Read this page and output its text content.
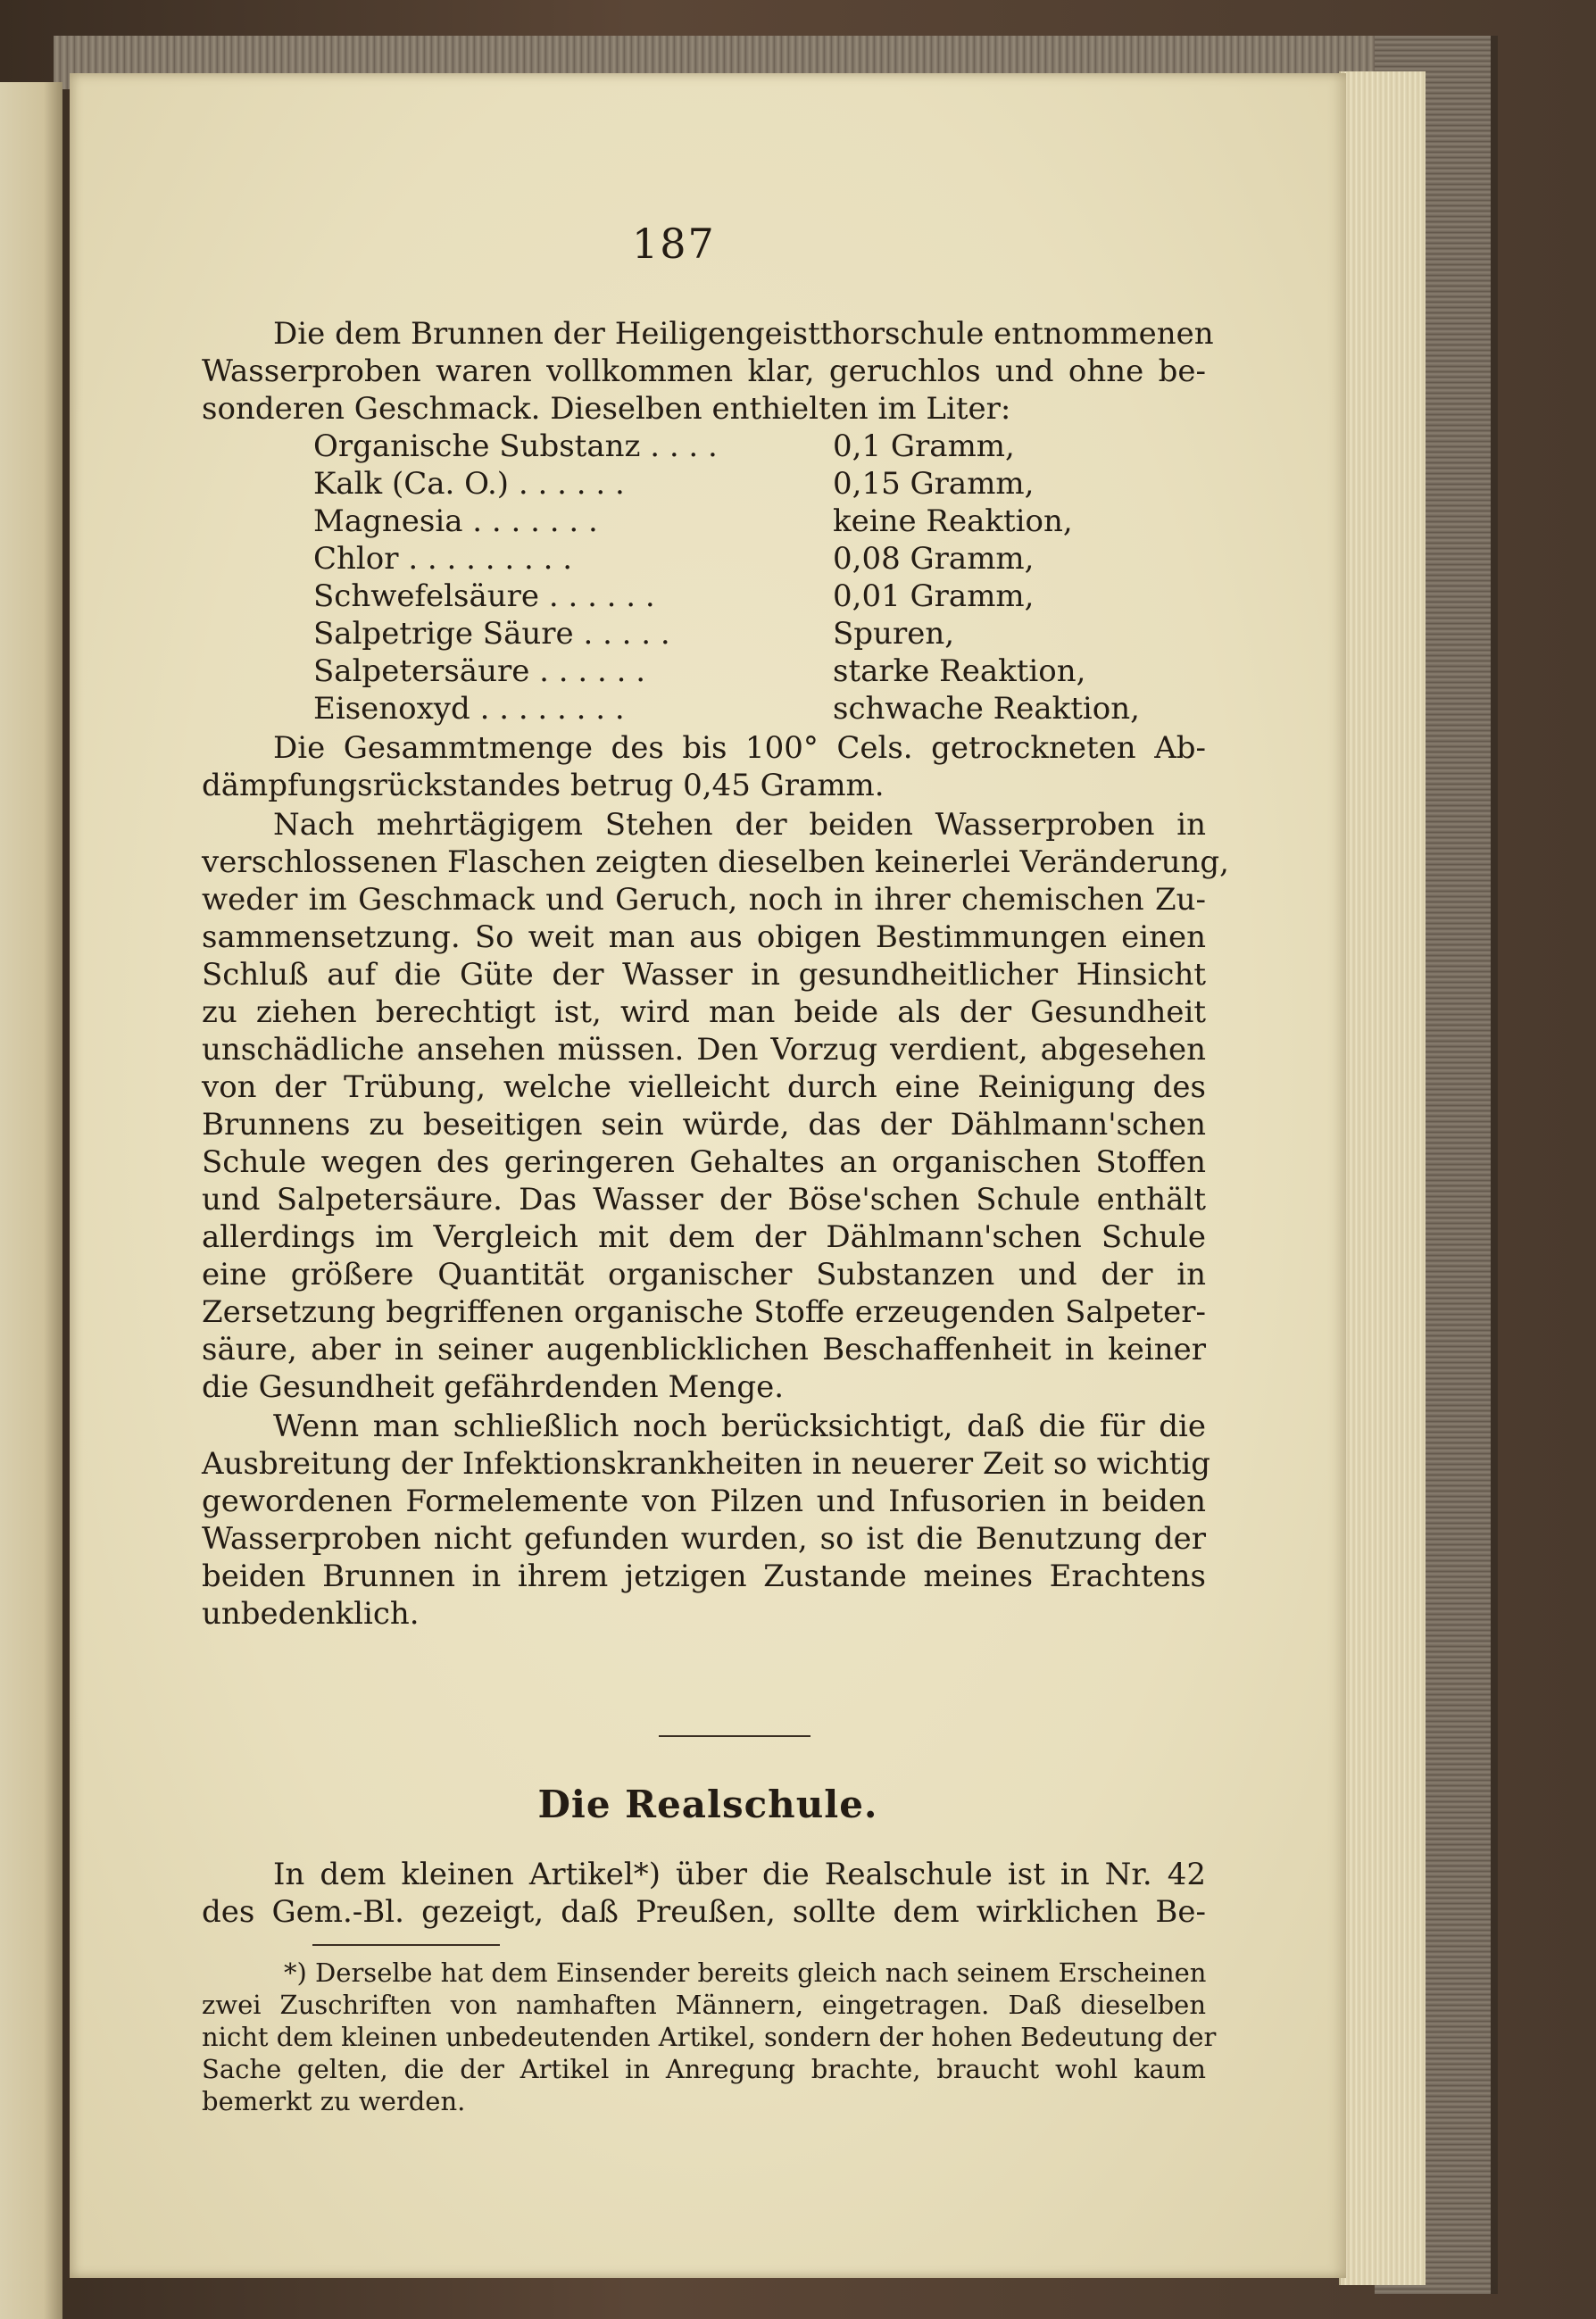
187
Die dem Brunnen der Heiligengeistthorschule entnommenen
Wasserproben waren vollkommen klar, geruchlos und ohne be-
sonderen Geschmack. Dieselben enthielten im Liter:
Organische Substanz . . . .	0,1 Gramm,
Kalk (Ca. O.) . . . . . .	0,15 Gramm,
Magnesia . . . . . . .	keine Reaktion,
Chlor . . . . . . . . .	0,08 Gramm,
Schwefelsäure . . . . . .	0,01 Gramm,
Salpetrige Säure . . . . .	Spuren,
Salpetersäure . . . . . .	starke Reaktion,
Eisenoxyd . . . . . . . .	schwache Reaktion,
Die Gesammtmenge des bis 100° Cels. getrockneten Ab-
dämpfungsrückstandes betrug 0,45 Gramm.
Nach mehrtägigem Stehen der beiden Wasserproben in
verschlossenen Flaschen zeigten dieselben keinerlei Veränderung,
weder im Geschmack und Geruch, noch in ihrer chemischen Zu-
sammensetzung. So weit man aus obigen Bestimmungen einen
Schluß auf die Güte der Wasser in gesundheitlicher Hinsicht
zu ziehen berechtigt ist, wird man beide als der Gesundheit
unschädliche ansehen müssen. Den Vorzug verdient, abgesehen
von der Trübung, welche vielleicht durch eine Reinigung des
Brunnens zu beseitigen sein würde, das der Dählmann'schen
Schule wegen des geringeren Gehaltes an organischen Stoffen
und Salpetersäure. Das Wasser der Böse'schen Schule enthält
allerdings im Vergleich mit dem der Dählmann'schen Schule
eine größere Quantität organischer Substanzen und der in
Zersetzung begriffenen organische Stoffe erzeugenden Salpeter-
säure, aber in seiner augenblicklichen Beschaffenheit in keiner
die Gesundheit gefährdenden Menge.
Wenn man schließlich noch berücksichtigt, daß die für die
Ausbreitung der Infektionskrankheiten in neuerer Zeit so wichtig
gewordenen Formelemente von Pilzen und Infusorien in beiden
Wasserproben nicht gefunden wurden, so ist die Benutzung der
beiden Brunnen in ihrem jetzigen Zustande meines Erachtens
unbedenklich.
Die Realschule.
In dem kleinen Artikel*) über die Realschule ist in Nr. 42
des Gem.-Bl. gezeigt, daß Preußen, sollte dem wirklichen Be-
*) Derselbe hat dem Einsender bereits gleich nach seinem Erscheinen
zwei Zuschriften von namhaften Männern, eingetragen. Daß dieselben
nicht dem kleinen unbedeutenden Artikel, sondern der hohen Bedeutung der
Sache gelten, die der Artikel in Anregung brachte, braucht wohl kaum
bemerkt zu werden.
